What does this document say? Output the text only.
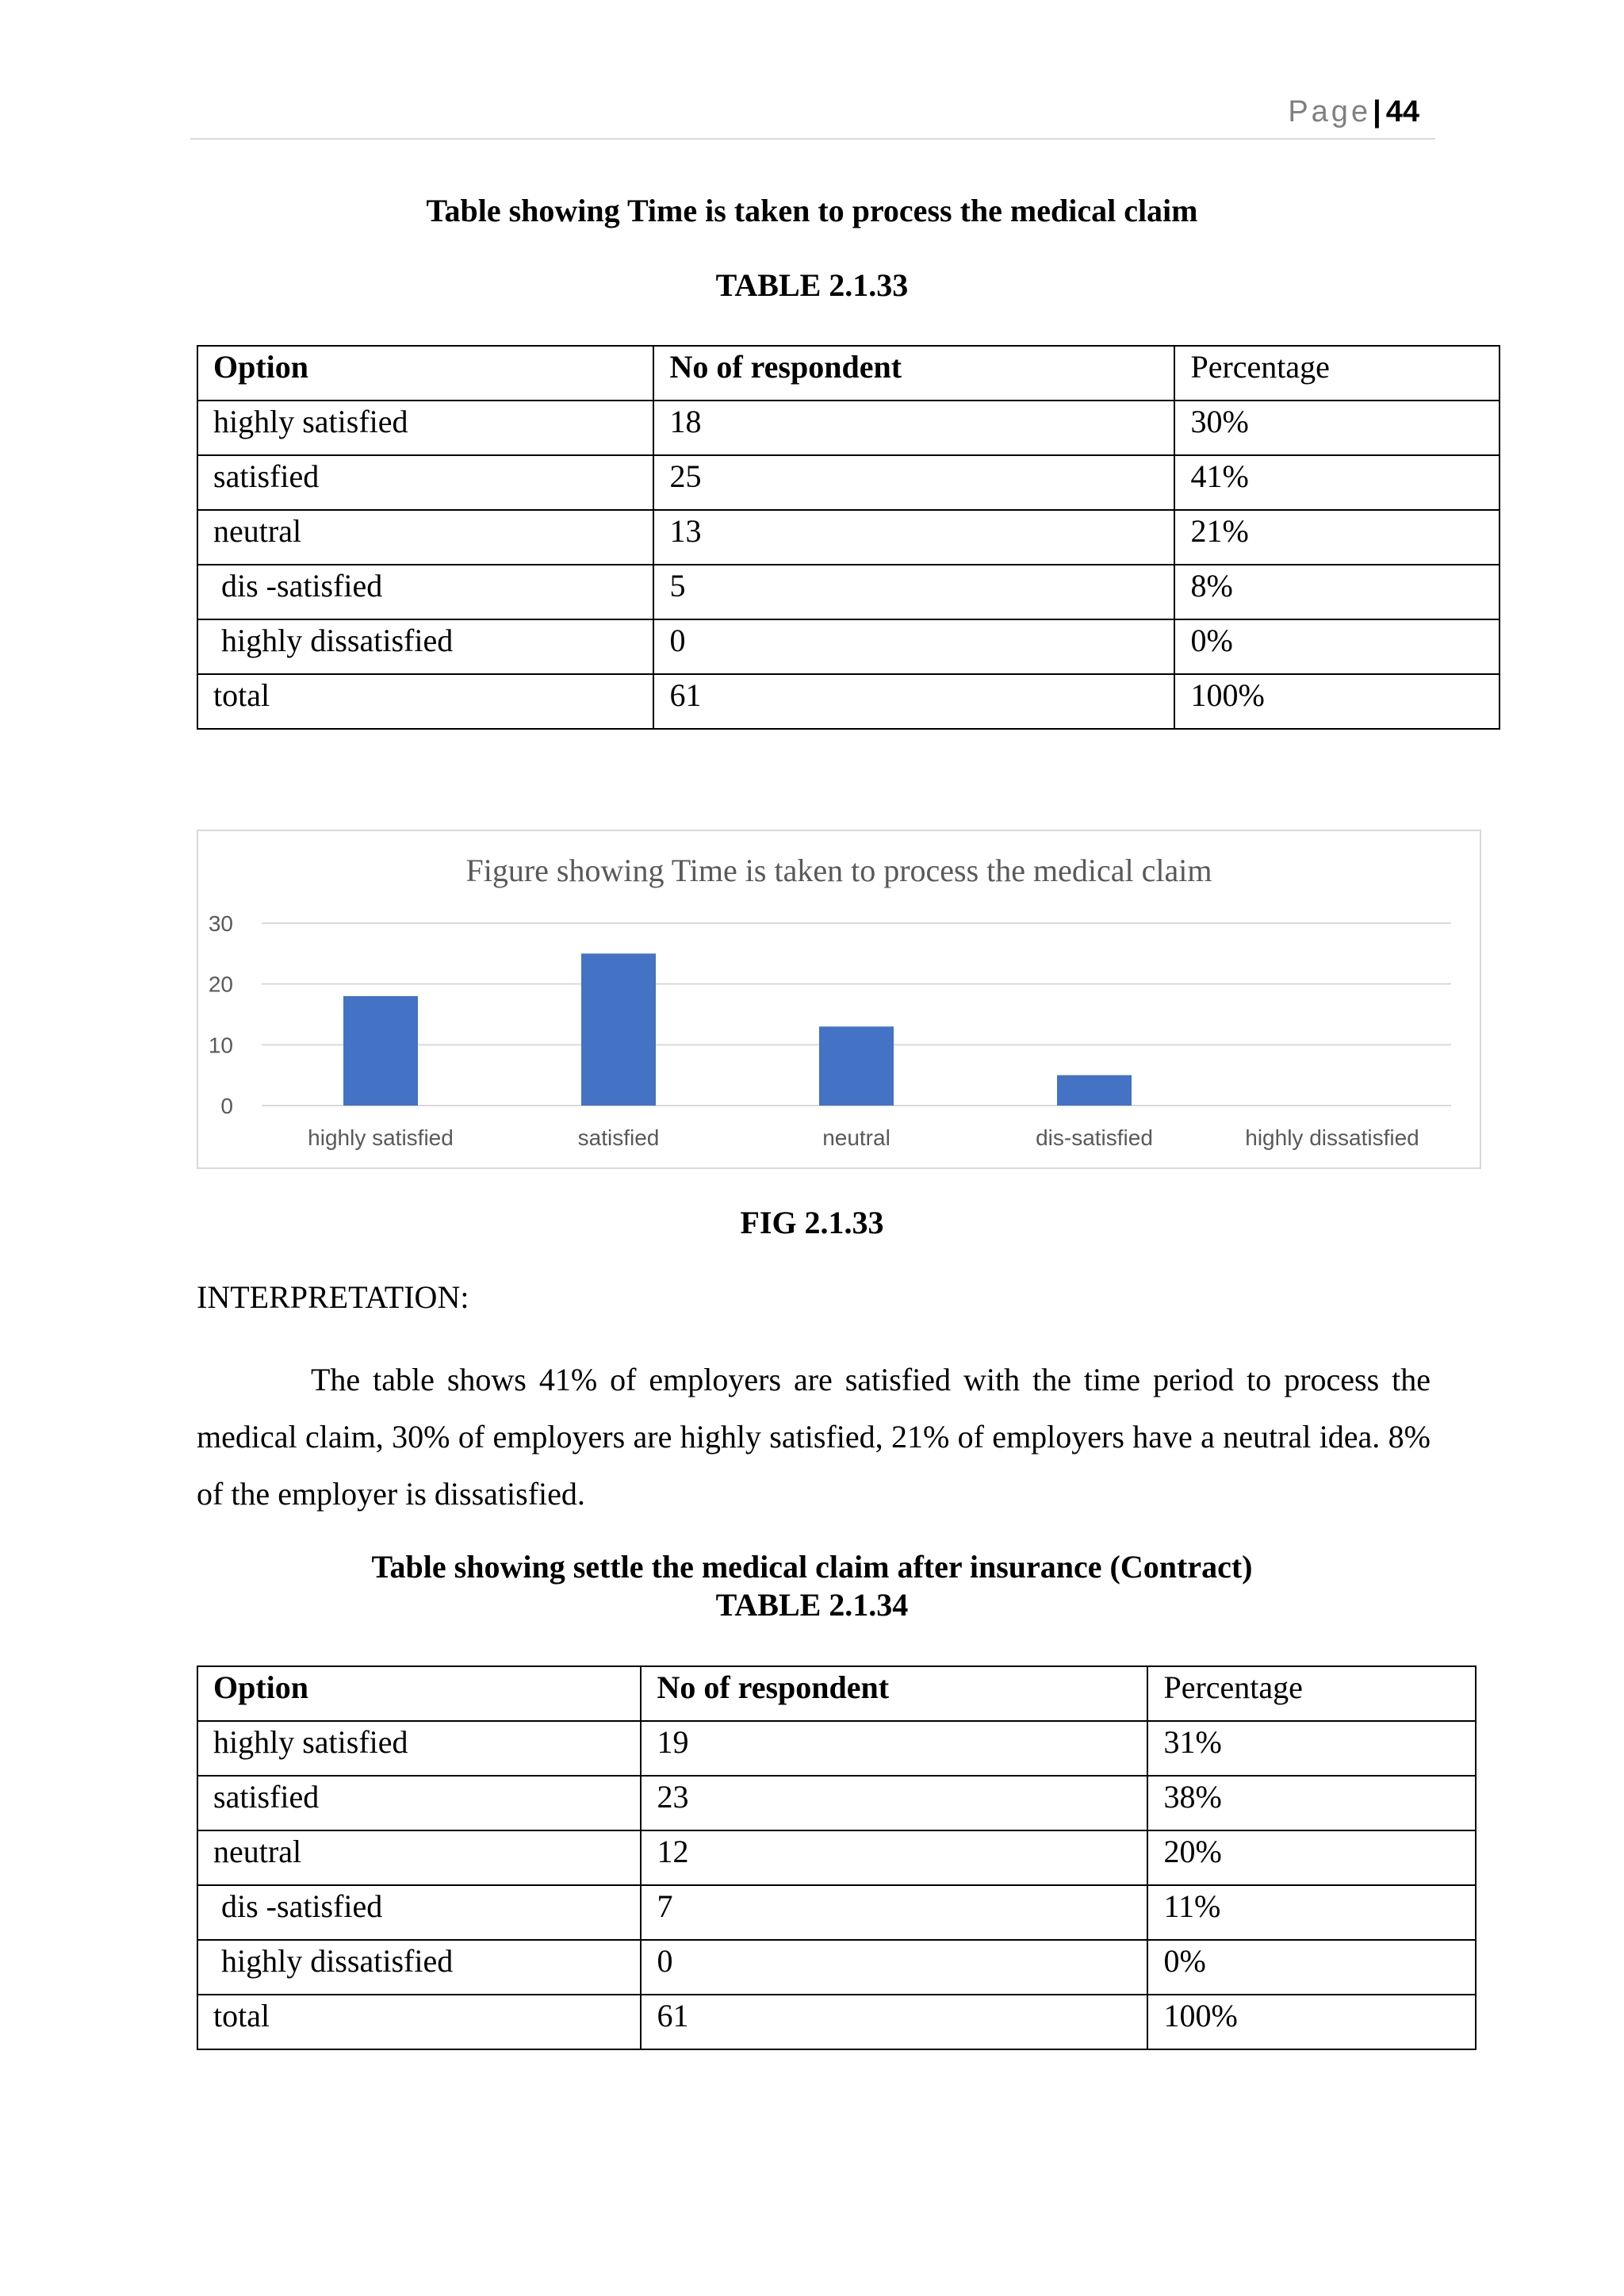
Page| 44
Table showing Time is taken to process the medical claim
TABLE 2.1.33
Option	No of respondent	Percentage
highly satisfied	18	30%
satisfied	25	41%
neutral	13	21%
dis -satisfied	5	8%
highly dissatisfied	0	0%
total	61	100%
Figure showing Time is taken to process the medical claim
0
10
20
30
highly satisfied	satisfied	neutral	dis-satisfied	highly dissatisfied
FIG 2.1.33
INTERPRETATION:
The table shows 41% of employers are satisfied with the time period to process the medical claim, 30% of employers are highly satisfied, 21% of employers have a neutral idea. 8% of the employer is dissatisfied.
Table showing settle the medical claim after insurance (Contract)
TABLE 2.1.34
Option	No of respondent	Percentage
highly satisfied	19	31%
satisfied	23	38%
neutral	12	20%
dis -satisfied	7	11%
highly dissatisfied	0	0%
total	61	100%
